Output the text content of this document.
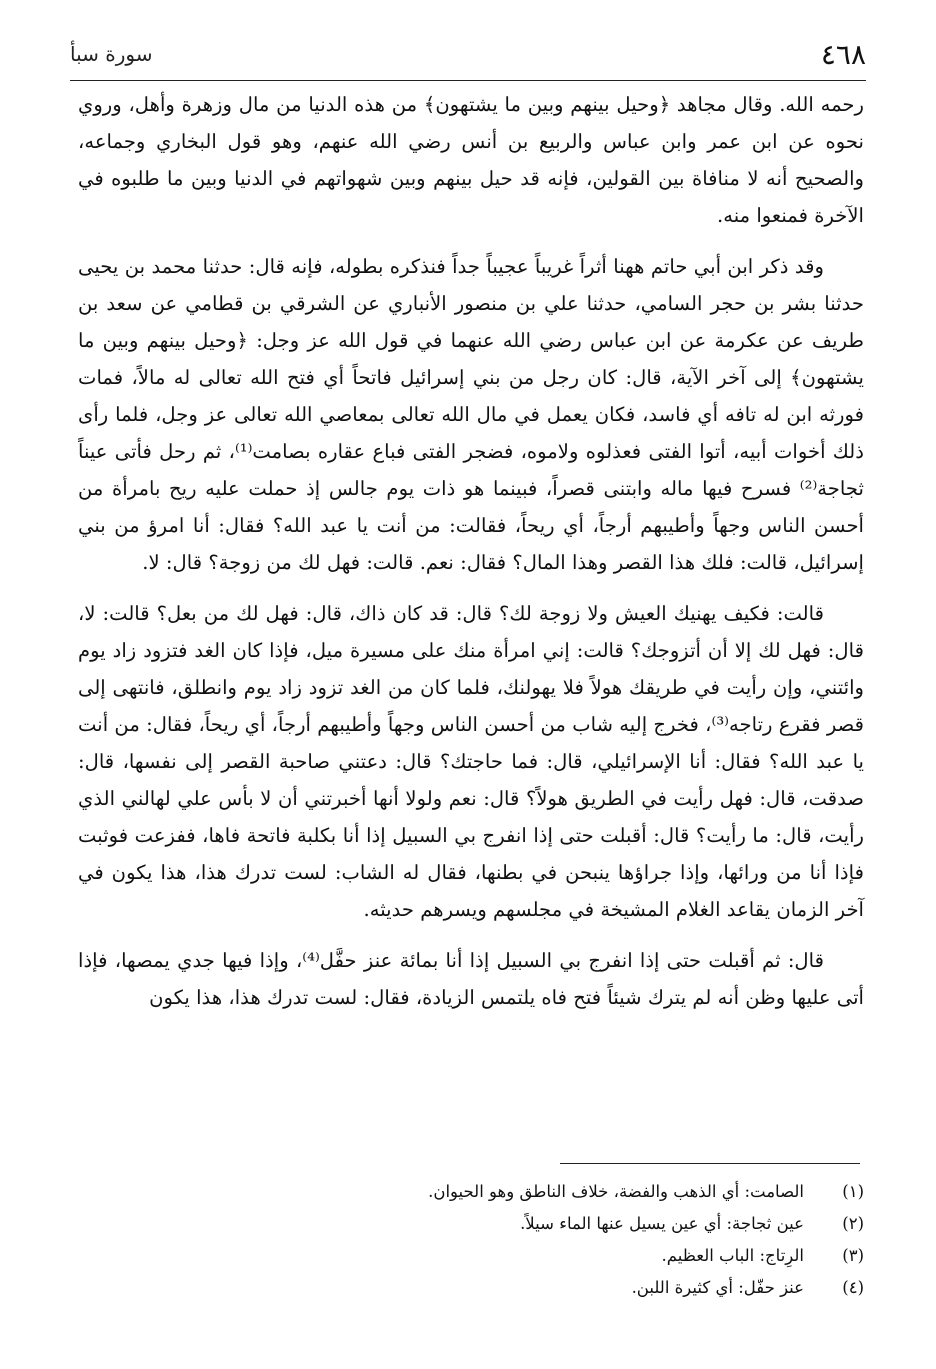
سورة سبأ	٤٦٨

رحمه الله. وقال مجاهد ﴿وحيل بينهم وبين ما يشتهون﴾ من هذه الدنيا من مال وزهرة وأهل، وروي نحوه عن ابن عمر وابن عباس والربيع بن أنس رضي الله عنهم، وهو قول البخاري وجماعه، والصحيح أنه لا منافاة بين القولين، فإنه قد حيل بينهم وبين شهواتهم في الدنيا وبين ما طلبوه في الآخرة فمنعوا منه.

وقد ذكر ابن أبي حاتم ههنا أثراً غريباً عجيباً جداً فنذكره بطوله، فإنه قال: حدثنا محمد بن يحيى حدثنا بشر بن حجر السامي، حدثنا علي بن منصور الأنباري عن الشرقي بن قطامي عن سعد بن طريف عن عكرمة عن ابن عباس رضي الله عنهما في قول الله عز وجل: ﴿وحيل بينهم وبين ما يشتهون﴾ إلى آخر الآية، قال: كان رجل من بني إسرائيل فاتحاً أي فتح الله تعالى له مالاً، فمات فورثه ابن له تافه أي فاسد، فكان يعمل في مال الله تعالى بمعاصي الله تعالى عز وجل، فلما رأى ذلك أخوات أبيه، أتوا الفتى فعذلوه ولاموه، فضجر الفتى فباع عقاره بصامت⁽¹⁾، ثم رحل فأتى عيناً ثجاجة⁽²⁾ فسرح فيها ماله وابتنى قصراً، فبينما هو ذات يوم جالس إذ حملت عليه ريح بامرأة من أحسن الناس وجهاً وأطيبهم أرجاً، أي ريحاً، فقالت: من أنت يا عبد الله؟ فقال: أنا امرؤ من بني إسرائيل، قالت: فلك هذا القصر وهذا المال؟ فقال: نعم. قالت: فهل لك من زوجة؟ قال: لا.

قالت: فكيف يهنيك العيش ولا زوجة لك؟ قال: قد كان ذاك، قال: فهل لك من بعل؟ قالت: لا، قال: فهل لك إلا أن أتزوجك؟ قالت: إني امرأة منك على مسيرة ميل، فإذا كان الغد فتزود زاد يوم وائتني، وإن رأيت في طريقك هولاً فلا يهولنك، فلما كان من الغد تزود زاد يوم وانطلق، فانتهى إلى قصر فقرع رتاجه⁽³⁾، فخرج إليه شاب من أحسن الناس وجهاً وأطيبهم أرجاً، أي ريحاً، فقال: من أنت يا عبد الله؟ فقال: أنا الإسرائيلي، قال: فما حاجتك؟ قال: دعتني صاحبة القصر إلى نفسها، قال: صدقت، قال: فهل رأيت في الطريق هولاً؟ قال: نعم ولولا أنها أخبرتني أن لا بأس علي لهالني الذي رأيت، قال: ما رأيت؟ قال: أقبلت حتى إذا انفرج بي السبيل إذا أنا بكلبة فاتحة فاها، ففزعت فوثبت فإذا أنا من ورائها، وإذا جراؤها ينبحن في بطنها، فقال له الشاب: لست تدرك هذا، هذا يكون في آخر الزمان يقاعد الغلام المشيخة في مجلسهم ويسرهم حديثه.

قال: ثم أقبلت حتى إذا انفرج بي السبيل إذا أنا بمائة عنز حفَّل⁽⁴⁾، وإذا فيها جدي يمصها، فإذا أتى عليها وظن أنه لم يترك شيئاً فتح فاه يلتمس الزيادة، فقال: لست تدرك هذا، هذا يكون

(١)
الصامت: أي الذهب والفضة، خلاف الناطق وهو الحيوان.
(٢)
عين ثجاجة: أي عين يسيل عنها الماء سيلاً.
(٣)
الرِتاج: الباب العظيم.
(٤)
عنز حفّل: أي كثيرة اللبن.
